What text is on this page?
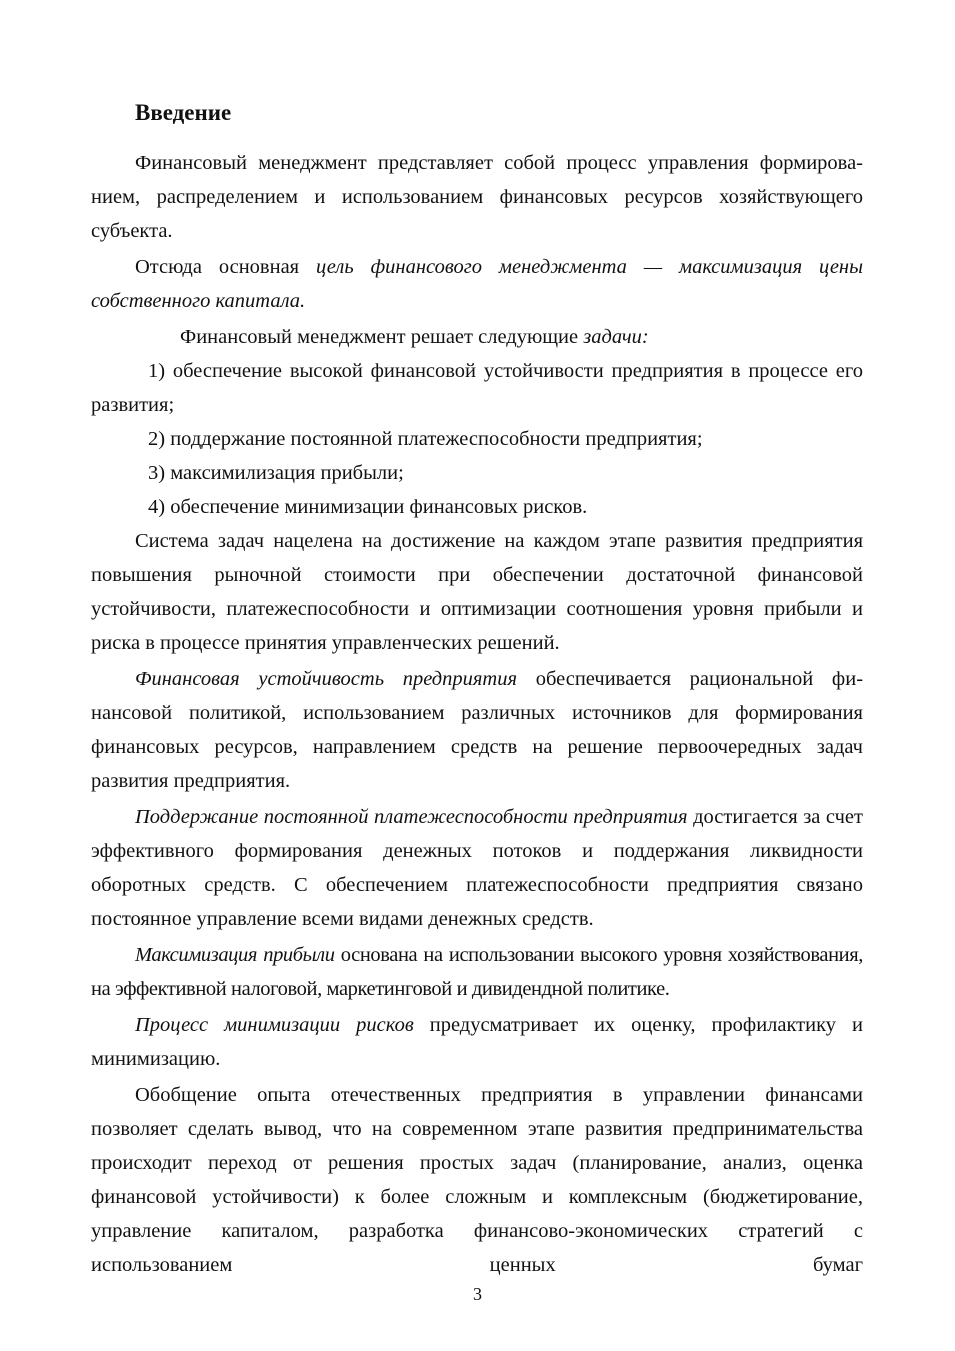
Введение

Финансовый менеджмент представляет собой процесс управления формированием, распределением и использованием финансовых ресурсов хозяйствующего субъекта.

Отсюда основная цель финансового менеджмента — максимизация цены собственного капитала.

Финансовый менеджмент решает следующие задачи:

1) обеспечение высокой финансовой устойчивости предприятия в процессе его развития;

2) поддержание постоянной платежеспособности предприятия;

3) максимилизация прибыли;

4) обеспечение минимизации финансовых рисков.

Система задач нацелена на достижение на каждом этапе развития предприятия повышения рыночной стоимости при обеспечении достаточной финансовой устойчивости, платежеспособности и оптимизации соотношения уровня прибыли и риска в процессе принятия управленческих решений.

Финансовая устойчивость предприятия обеспечивается рациональной финансовой политикой, использованием различных источников для формирования финансовых ресурсов, направлением средств на решение первоочередных задач развития предприятия.

Поддержание постоянной платежеспособности предприятия достигается за счет эффективного формирования денежных потоков и поддержания ликвидности оборотных средств. С обеспечением платежеспособности предприятия связано постоянное управление всеми видами денежных средств.

Максимизация прибыли основана на использовании высокого уровня хозяйствования, на эффективной налоговой, маркетинговой и дивидендной политике.

Процесс минимизации рисков предусматривает их оценку, профилактику и минимизацию.

Обобщение опыта отечественных предприятия в управлении финансами позволяет сделать вывод, что на современном этапе развития предпринимательства происходит переход от решения простых задач (планирование, анализ, оценка финансовой устойчивости) к более сложным и комплексным (бюджетирование, управление капиталом, разработка финансово-экономических стратегий с использованием ценных бумаг

3
